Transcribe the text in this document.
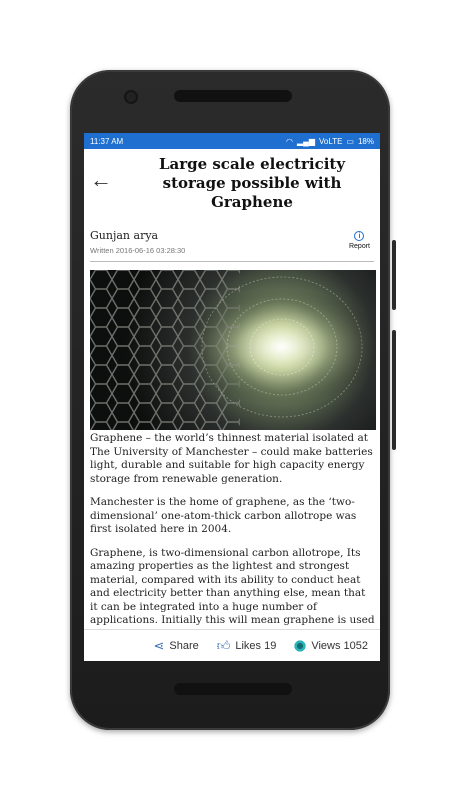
11:37 AM	◠ ▂▄▆ VoLTE ▭ 18%
←
Large scale electricity storage possible with Graphene
Gunjan arya
Written 2016-06-16 03:28:30
i
Report

Graphene – the world’s thinnest material isolated at The University of Manchester – could make batteries light, durable and suitable for high capacity energy storage from renewable generation.

Manchester is the home of graphene, as the ‘two-dimensional’ one-atom-thick carbon allotrope was first isolated here in 2004.

Graphene, is two-dimensional carbon allotrope, Its amazing properties as the lightest and strongest material, compared with its ability to conduct heat and electricity better than anything else, mean that it can be integrated into a huge number of applications. Initially this will mean graphene is used

⋖ Share 👍︎ Likes 19	Views 1052
